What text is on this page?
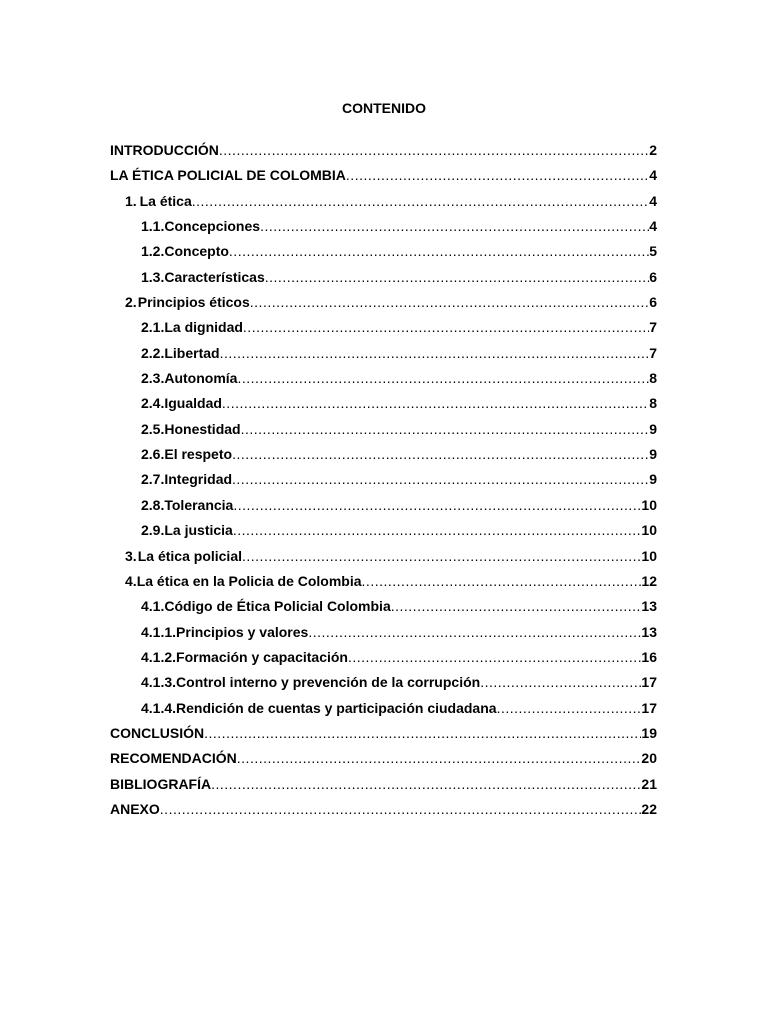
CONTENIDO
INTRODUCCIÓN .....	2
LA ÉTICA POLICIAL DE COLOMBIA .....	4
1. La ética .....	4
1.1. Concepciones .....	4
1.2. Concepto .....	5
1.3. Características .....	6
2. Principios éticos .....	6
2.1. La dignidad .....	7
2.2. Libertad .....	7
2.3. Autonomía .....	8
2.4. Igualdad .....	8
2.5. Honestidad .....	9
2.6. El respeto .....	9
2.7. Integridad .....	9
2.8. Tolerancia .....	10
2.9. La justicia .....	10
3. La ética policial .....	10
4. La ética en la Policia de Colombia .....	12
4.1. Código de Ética Policial Colombia .....	13
4.1.1. Principios y valores .....	13
4.1.2. Formación y capacitación .....	16
4.1.3. Control interno y prevención de la corrupción .....	17
4.1.4. Rendición de cuentas y participación ciudadana .....	17
CONCLUSIÓN .....	19
RECOMENDACIÓN .....	20
BIBLIOGRAFÍA .....	21
ANEXO .....	22
